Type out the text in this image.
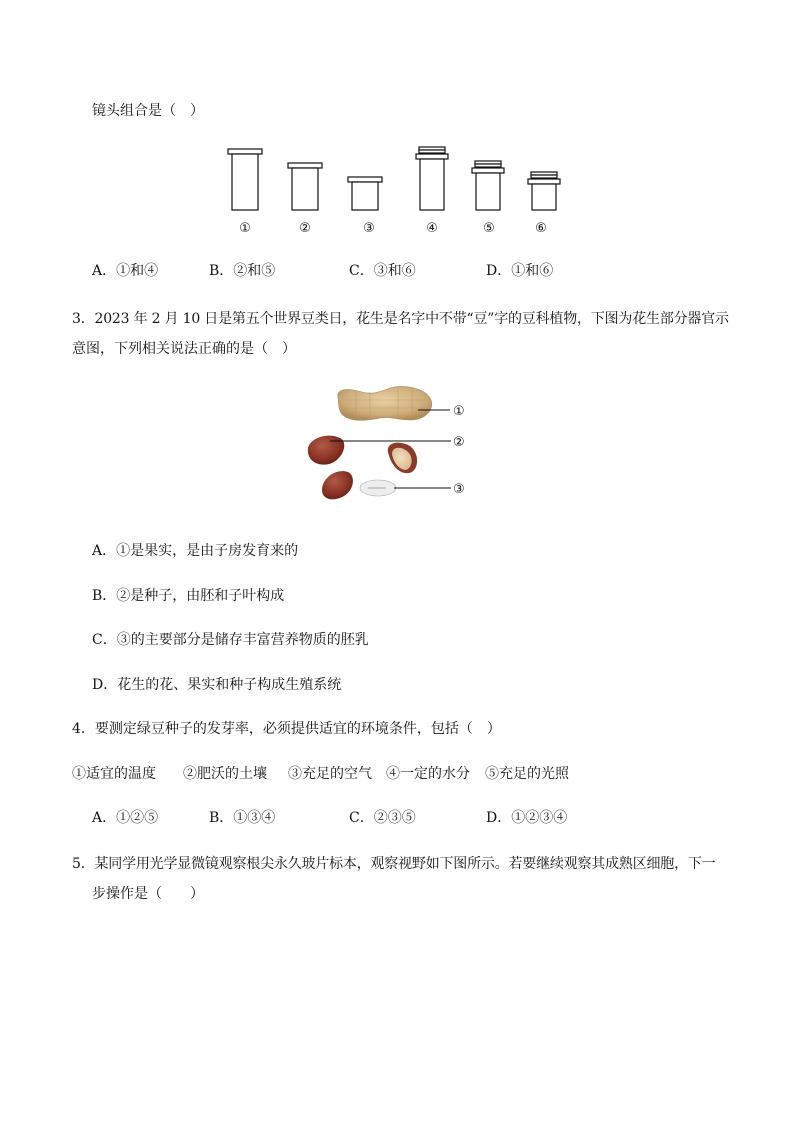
镜头组合是（　）
①	②	③	④	⑤	⑥
A．①和④	B．②和⑤	C．③和⑥	D．①和⑥
3．2023 年 2 月 10 日是第五个世界豆类日，花生是名字中不带“豆”字的豆科植物，下图为花生部分器官示
意图，下列相关说法正确的是（　）
①
②
③
A．①是果实，是由子房发育来的
B．②是种子，由胚和子叶构成
C．③的主要部分是储存丰富营养物质的胚乳
D．花生的花、果实和种子构成生殖系统
4．要测定绿豆种子的发芽率，必须提供适宜的环境条件，包括（　）
①适宜的温度 ②肥沃的土壤 ③充足的空气 ④一定的水分 ⑤充足的光照
A．①②⑤	B．①③④	C．②③⑤	D．①②③④
5．某同学用光学显微镜观察根尖永久玻片标本，观察视野如下图所示。若要继续观察其成熟区细胞，下一
步操作是（　　）
